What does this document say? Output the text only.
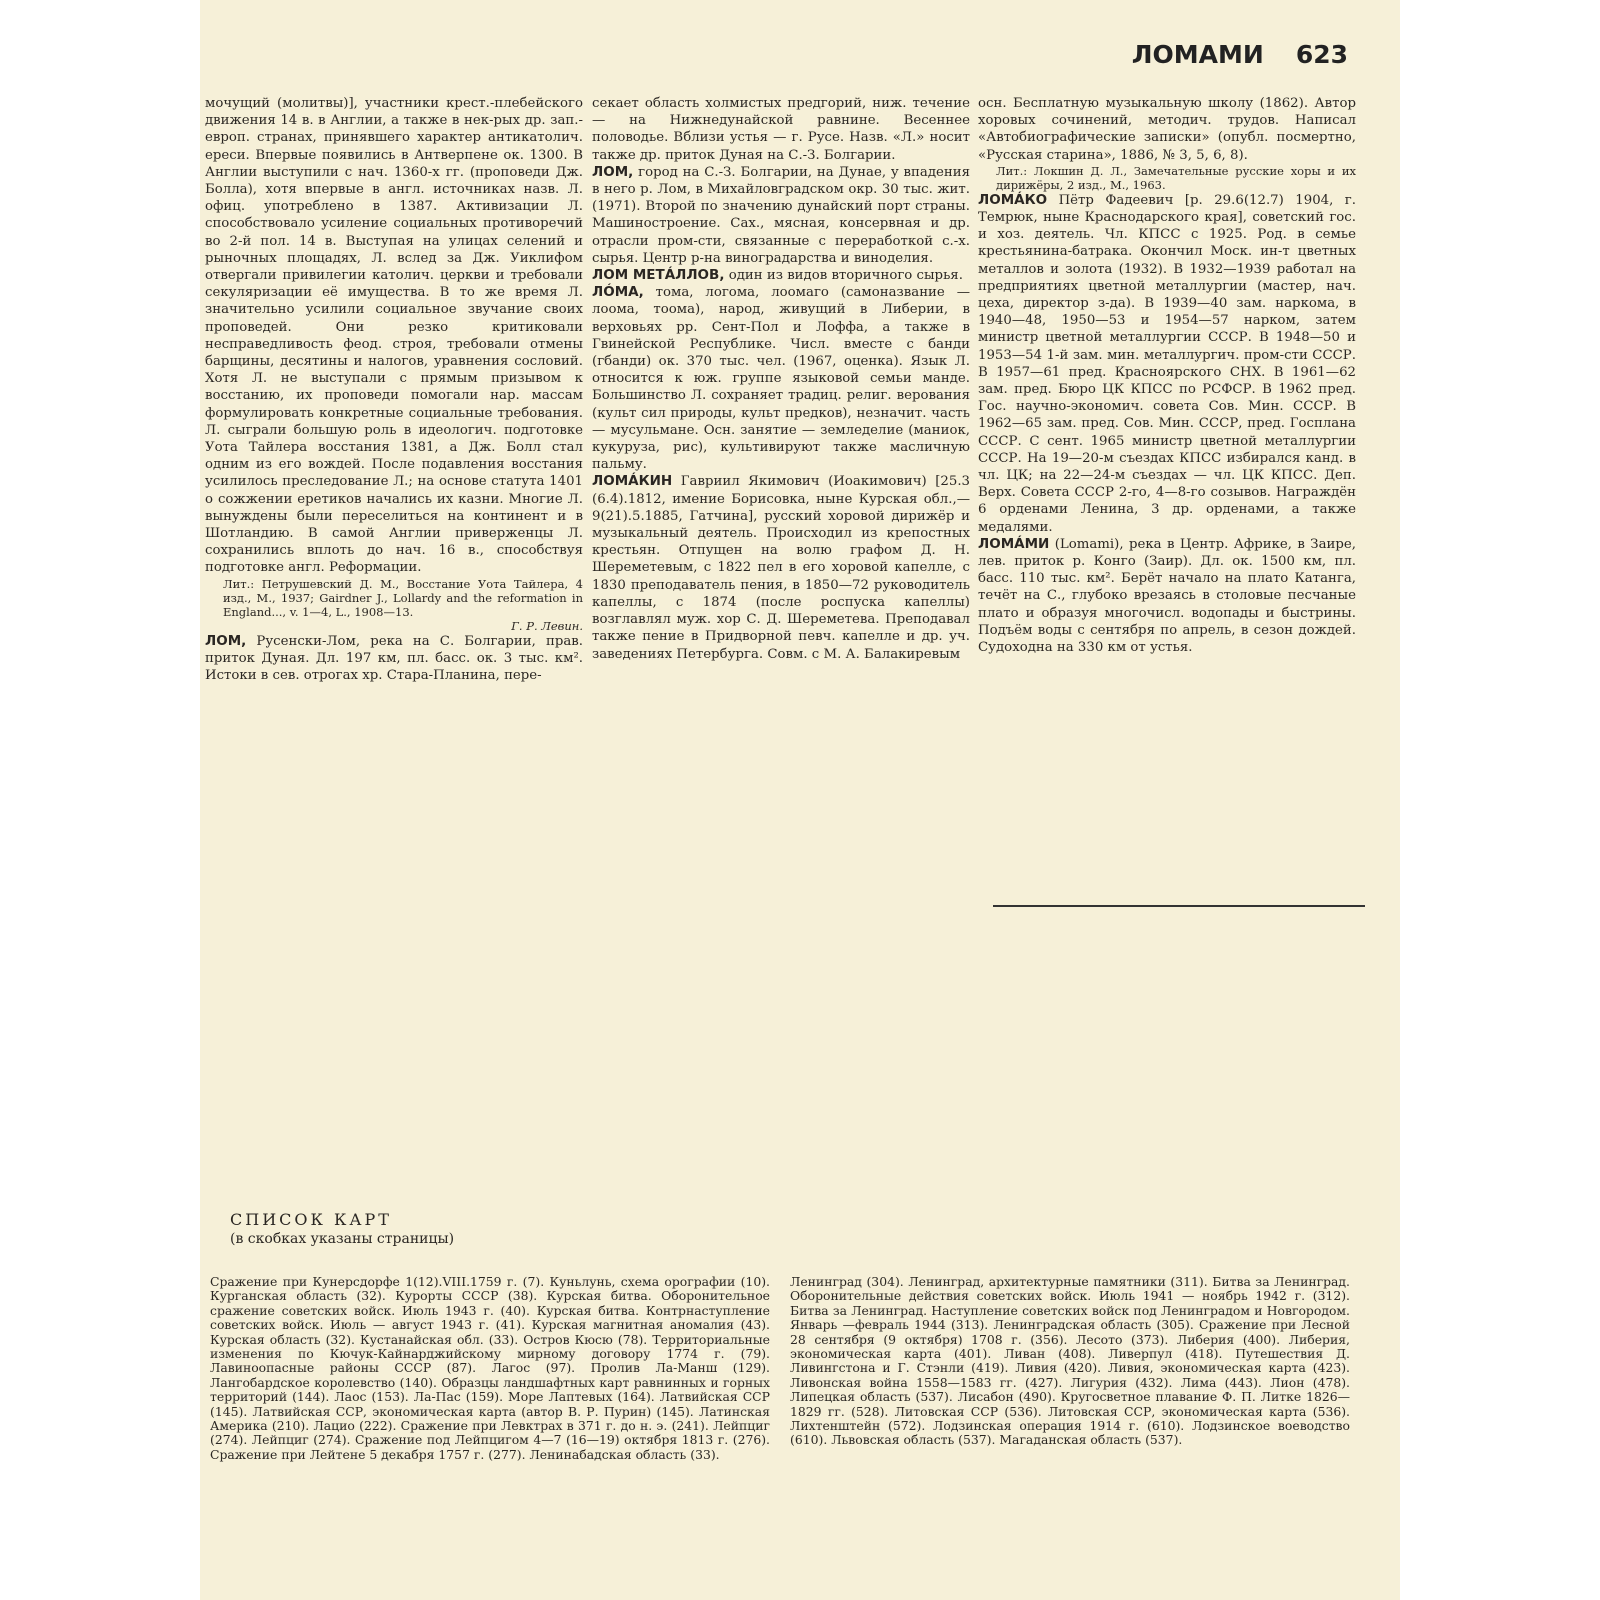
ЛОМАМИ 623

мочущий (молитвы)], участники крест.-плебейского движения 14 в. в Англии, а также в нек-рых др. зап.-европ. странах, принявшего характер антикатолич. ереси. Впервые появились в Антверпене ок. 1300. В Англии выступили с нач. 1360-х гг. (проповеди Дж. Болла), хотя впервые в англ. источниках назв. Л. офиц. употреблено в 1387. Активизации Л. способствовало усиление социальных противоречий во 2-й пол. 14 в. Выступая на улицах селений и рыночных площадях, Л. вслед за Дж. Уиклифом отвергали привилегии католич. церкви и требовали секуляризации её имущества. В то же время Л. значительно усилили социальное звучание своих проповедей. Они резко критиковали несправедливость феод. строя, требовали отмены барщины, десятины и налогов, уравнения сословий. Хотя Л. не выступали с прямым призывом к восстанию, их проповеди помогали нар. массам формулировать конкретные социальные требования. Л. сыграли большую роль в идеологич. подготовке Уота Тайлера восстания 1381, а Дж. Болл стал одним из его вождей. После подавления восстания усилилось преследование Л.; на основе статута 1401 о сожжении еретиков начались их казни. Многие Л. вынуждены были переселиться на континент и в Шотландию. В самой Англии приверженцы Л. сохранились вплоть до нач. 16 в., способствуя подготовке англ. Реформации.

Лит.: Петрушевский Д. М., Восстание Уота Тайлера, 4 изд., М., 1937; Gairdner J., Lollardy and the reformation in England..., v. 1—4, L., 1908—13.

Г. Р. Левин.

ЛОМ, Русенски-Лом, река на С. Болгарии, прав. приток Дуная. Дл. 197 км, пл. басс. ок. 3 тыс. км². Истоки в сев. отрогах хр. Стара-Планина, пере-

секает область холмистых предгорий, ниж. течение — на Нижнедунайской равнине. Весеннее половодье. Вблизи устья — г. Русе. Назв. «Л.» носит также др. приток Дуная на С.-З. Болгарии.

ЛОМ, город на С.-З. Болгарии, на Дунае, у впадения в него р. Лом, в Михайловградском окр. 30 тыс. жит. (1971). Второй по значению дунайский порт страны. Машиностроение. Сах., мясная, консервная и др. отрасли пром-сти, связанные с переработкой с.-х. сырья. Центр р-на виноградарства и виноделия.

ЛОМ МЕТÁЛЛОВ, один из видов вторичного сырья.

ЛÓМА, тома, логома, лоомаго (самоназвание — лоома, тоома), народ, живущий в Либерии, в верховьях рр. Сент-Пол и Лоффа, а также в Гвинейской Республике. Числ. вместе с банди (гбанди) ок. 370 тыс. чел. (1967, оценка). Язык Л. относится к юж. группе языковой семьи манде. Большинство Л. сохраняет традиц. религ. верования (культ сил природы, культ предков), незначит. часть — мусульмане. Осн. занятие — земледелие (маниок, кукуруза, рис), культивируют также масличную пальму.

ЛОМÁКИН Гавриил Якимович (Иоакимович) [25.3 (6.4).1812, имение Борисовка, ныне Курская обл.,—9(21).5.1885, Гатчина], русский хоровой дирижёр и музыкальный деятель. Происходил из крепостных крестьян. Отпущен на волю графом Д. Н. Шереметевым, с 1822 пел в его хоровой капелле, с 1830 преподаватель пения, в 1850—72 руководитель капеллы, с 1874 (после роспуска капеллы) возглавлял муж. хор С. Д. Шереметева. Преподавал также пение в Придворной певч. капелле и др. уч. заведениях Петербурга. Совм. с М. А. Балакиревым

осн. Бесплатную музыкальную школу (1862). Автор хоровых сочинений, методич. трудов. Написал «Автобиографические записки» (опубл. посмертно, «Русская старина», 1886, № 3, 5, 6, 8).

Лит.: Локшин Д. Л., Замечательные русские хоры и их дирижёры, 2 изд., М., 1963.

ЛОМÁКО Пётр Фадеевич [р. 29.6(12.7) 1904, г. Темрюк, ныне Краснодарского края], советский гос. и хоз. деятель. Чл. КПСС с 1925. Род. в семье крестьянина-батрака. Окончил Моск. ин-т цветных металлов и золота (1932). В 1932—1939 работал на предприятиях цветной металлургии (мастер, нач. цеха, директор з-да). В 1939—40 зам. наркома, в 1940—48, 1950—53 и 1954—57 нарком, затем министр цветной металлургии СССР. В 1948—50 и 1953—54 1-й зам. мин. металлургич. пром-сти СССР. В 1957—61 пред. Красноярского СНХ. В 1961—62 зам. пред. Бюро ЦК КПСС по РСФСР. В 1962 пред. Гос. научно-экономич. совета Сов. Мин. СССР. В 1962—65 зам. пред. Сов. Мин. СССР, пред. Госплана СССР. С сент. 1965 министр цветной металлургии СССР. На 19—20-м съездах КПСС избирался канд. в чл. ЦК; на 22—24-м съездах — чл. ЦК КПСС. Деп. Верх. Совета СССР 2-го, 4—8-го созывов. Награждён 6 орденами Ленина, 3 др. орденами, а также медалями.

ЛОМÁМИ (Lomami), река в Центр. Африке, в Заире, лев. приток р. Конго (Заир). Дл. ок. 1500 км, пл. басс. 110 тыс. км². Берёт начало на плато Катанга, течёт на С., глубоко врезаясь в столовые песчаные плато и образуя многочисл. водопады и быстрины. Подъём воды с сентября по апрель, в сезон дождей. Судоходна на 330 км от устья.

СПИСОК КАРТ
(в скобках указаны страницы)

Сражение при Кунерсдорфе 1(12).VIII.1759 г. (7). Куньлунь, схема орографии (10). Курганская область (32). Курорты СССР (38). Курская битва. Оборонительное сражение советских войск. Июль 1943 г. (40). Курская битва. Контрнаступление советских войск. Июль — август 1943 г. (41). Курская магнитная аномалия (43). Курская область (32). Кустанайская обл. (33). Остров Кюсю (78). Территориальные изменения по Кючук-Кайнарджийскому мирному договору 1774 г. (79). Лавиноопасные районы СССР (87). Лагос (97). Пролив Ла-Манш (129). Лангобардское королевство (140). Образцы ландшафтных карт равнинных и горных территорий (144). Лаос (153). Ла-Пас (159). Море Лаптевых (164). Латвийская ССР (145). Латвийская ССР, экономическая карта (автор В. Р. Пурин) (145). Латинская Америка (210). Лацио (222). Сражение при Левктрах в 371 г. до н. э. (241). Лейпциг (274). Лейпциг (274). Сражение под Лейпцигом 4—7 (16—19) октября 1813 г. (276). Сражение при Лейтене 5 декабря 1757 г. (277). Ленинабадская область (33).

Ленинград (304). Ленинград, архитектурные памятники (311). Битва за Ленинград. Оборонительные действия советских войск. Июль 1941 — ноябрь 1942 г. (312). Битва за Ленинград. Наступление советских войск под Ленинградом и Новгородом. Январь —февраль 1944 (313). Ленинградская область (305). Сражение при Лесной 28 сентября (9 октября) 1708 г. (356). Лесото (373). Либерия (400). Либерия, экономическая карта (401). Ливан (408). Ливерпул (418). Путешествия Д. Ливингстона и Г. Стэнли (419). Ливия (420). Ливия, экономическая карта (423). Ливонская война 1558—1583 гг. (427). Лигурия (432). Лима (443). Лион (478). Липецкая область (537). Лисабон (490). Кругосветное плавание Ф. П. Литке 1826—1829 гг. (528). Литовская ССР (536). Литовская ССР, экономическая карта (536). Лихтенштейн (572). Лодзинская операция 1914 г. (610). Лодзинское воеводство (610). Львовская область (537). Магаданская область (537).
